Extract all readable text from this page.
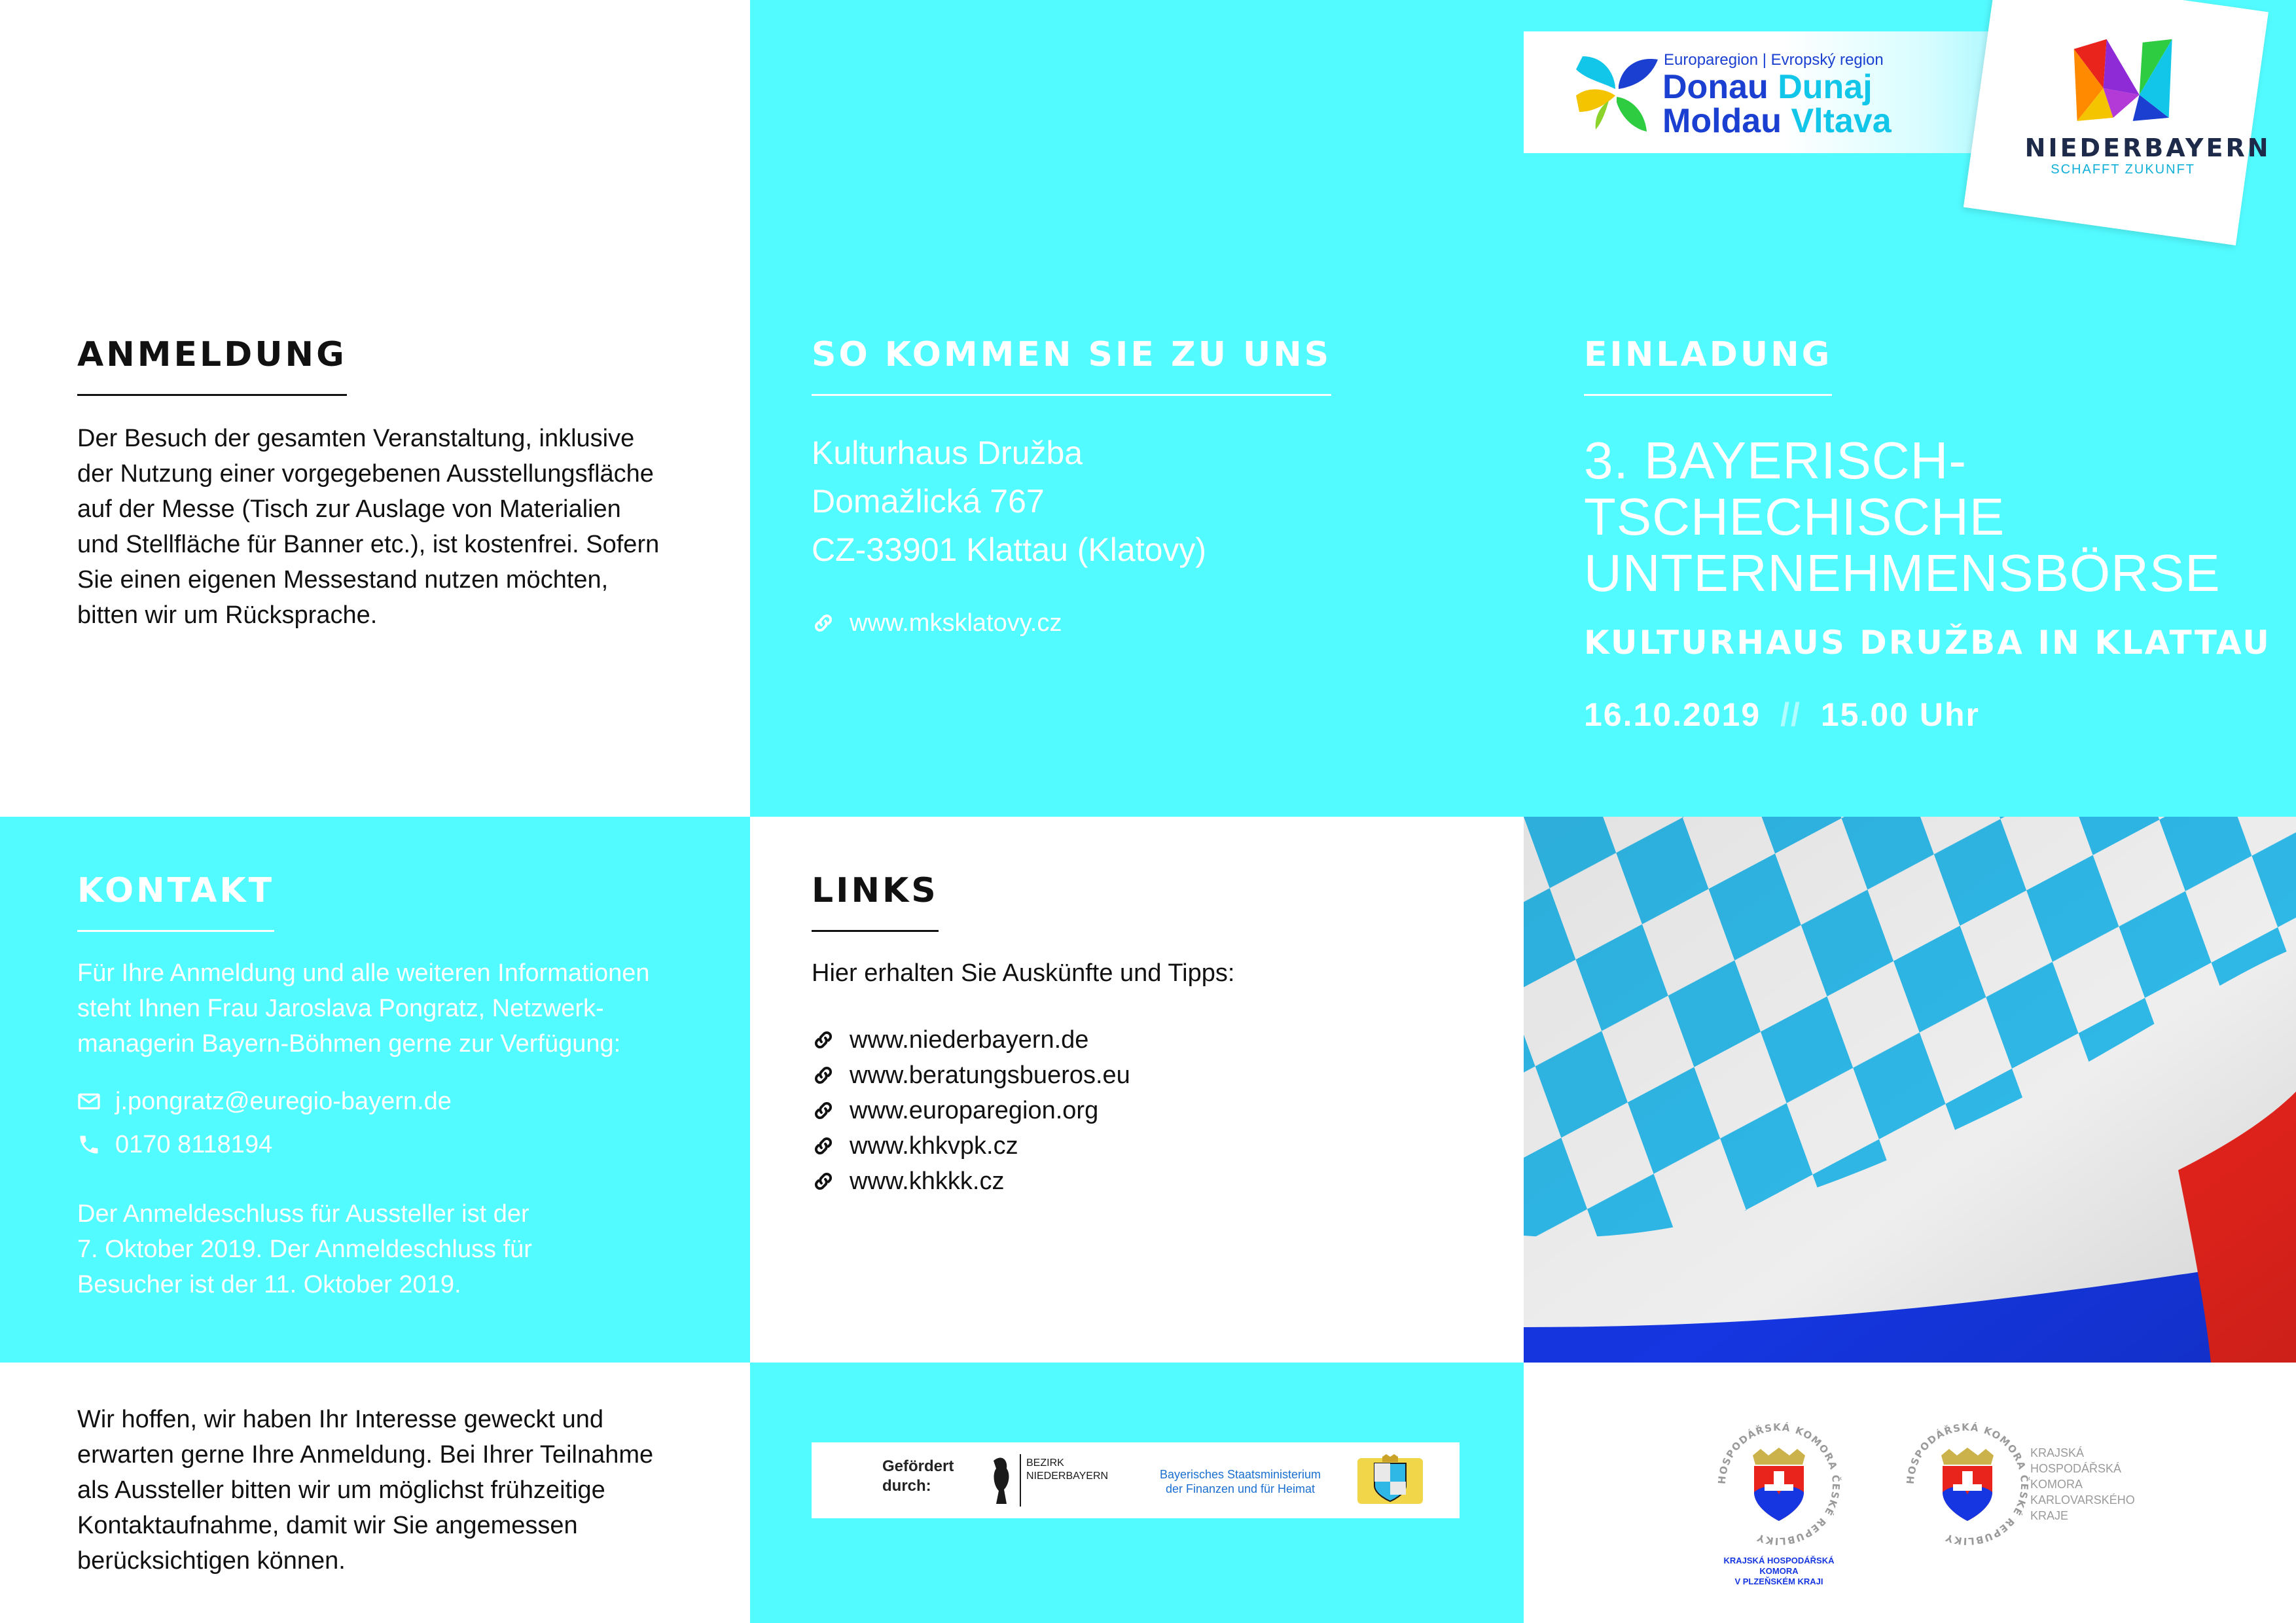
ANMELDUNG
Der Besuch der gesamten Veranstaltung, inklusive
der Nutzung einer vorgegebenen Ausstellungsfläche
auf der Messe (Tisch zur Auslage von Materialien
und Stellfläche für Banner etc.), ist kostenfrei. Sofern
Sie einen eigenen Messestand nutzen möchten,
bitten wir um Rücksprache.
SO KOMMEN SIE ZU UNS
Kulturhaus Družba
Domažlická 767
CZ-33901 Klattau (Klatovy)
www.mksklatovy.cz
EINLADUNG
3. BAYERISCH-
TSCHECHISCHE
UNTERNEHMENSBÖRSE
KULTURHAUS DRUŽBA IN KLATTAU
16.10.2019 // 15.00 Uhr
Europaregion | Evropský region
Donau Dunaj
Moldau Vltava
NIEDERBAYERN
SCHAFFT ZUKUNFT
KONTAKT
Für Ihre Anmeldung und alle weiteren Informationen
steht Ihnen Frau Jaroslava Pongratz, Netzwerk-
managerin Bayern-Böhmen gerne zur Verfügung:
j.pongratz@euregio-bayern.de
0170 8118194
Der Anmeldeschluss für Aussteller ist der
7. Oktober 2019. Der Anmeldeschluss für
Besucher ist der 11. Oktober 2019.
LINKS
Hier erhalten Sie Auskünfte und Tipps:
www.niederbayern.de
www.beratungsbueros.eu
www.europaregion.org
www.khkvpk.cz
www.khkkk.cz
Wir hoffen, wir haben Ihr Interesse geweckt und
erwarten gerne Ihre Anmeldung. Bei Ihrer Teilnahme
als Aussteller bitten wir um möglichst frühzeitige
Kontaktaufnahme, damit wir Sie angemessen
berücksichtigen können.
Gefördert
durch:
BEZIRK
NIEDERBAYERN	Bayerisches Staatsministerium
der Finanzen und für Heimat
HOSPODÁŘSKÁ KOMORA ČESKÉ REPUBLIKY
KRAJSKÁ HOSPODÁŘSKÁ KOMORA
V PLZEŇSKÉM KRAJI
HOSPODÁŘSKÁ KOMORA ČESKÉ REPUBLIKY
KRAJSKÁ
HOSPODÁŘSKÁ
KOMORA
KARLOVARSKÉHO
KRAJE
